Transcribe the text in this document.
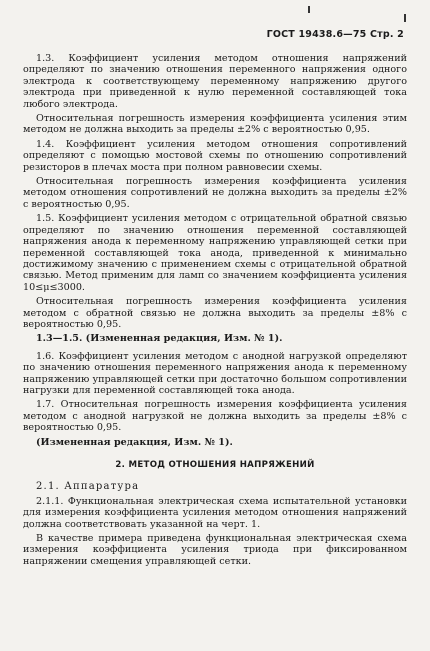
ГОСТ 19438.6—75 Стр. 2

1.3. Коэффициент усиления методом отношения напряжений определяют по значению отношения переменного напряжения одного электрода к соответствующему переменному напряжению другого электрода при приведенной к нулю переменной составляющей тока любого электрода.

Относительная погрешность измерения коэффициента усиления этим методом не должна выходить за пределы ±2% с вероятностью 0,95.

1.4. Коэффициент усиления методом отношения сопротивлений определяют с помощью мостовой схемы по отношению сопротивлений резисторов в плечах моста при полном равновесии схемы.

Относительная погрешность измерения коэффициента усиления методом отношения сопротивлений не должна выходить за пределы ±2% с вероятностью 0,95.

1.5. Коэффициент усиления методом с отрицательной обратной связью определяют по значению отношения переменной составляющей напряжения анода к переменному напряжению управляющей сетки при переменной составляющей тока анода, приведенной к минимально достижимому значению с применением схемы с отрицательной обратной связью. Метод применим для ламп со значением коэффициента усиления 10≤μ≤3000.

Относительная погрешность измерения коэффициента усиления методом с обратной связью не должна выходить за пределы ±8% с вероятностью 0,95.

1.3—1.5. (Измененная редакция, Изм. № 1).

1.6. Коэффициент усиления методом с анодной нагрузкой определяют по значению отношения переменного напряжения анода к переменному напряжению управляющей сетки при достаточно большом сопротивлении нагрузки для переменной составляющей тока анода.

1.7. Относительная погрешность измерения коэффициента усиления методом с анодной нагрузкой не должна выходить за пределы ±8% с вероятностью 0,95.

(Измененная редакция, Изм. № 1).

2. МЕТОД ОТНОШЕНИЯ НАПРЯЖЕНИЙ

2.1. Аппаратура

2.1.1. Функциональная электрическая схема испытательной установки для измерения коэффициента усиления методом отношения напряжений должна соответствовать указанной на черт. 1.

В качестве примера приведена функциональная электрическая схема измерения коэффициента усиления триода при фиксированном напряжении смещения управляющей сетки.
